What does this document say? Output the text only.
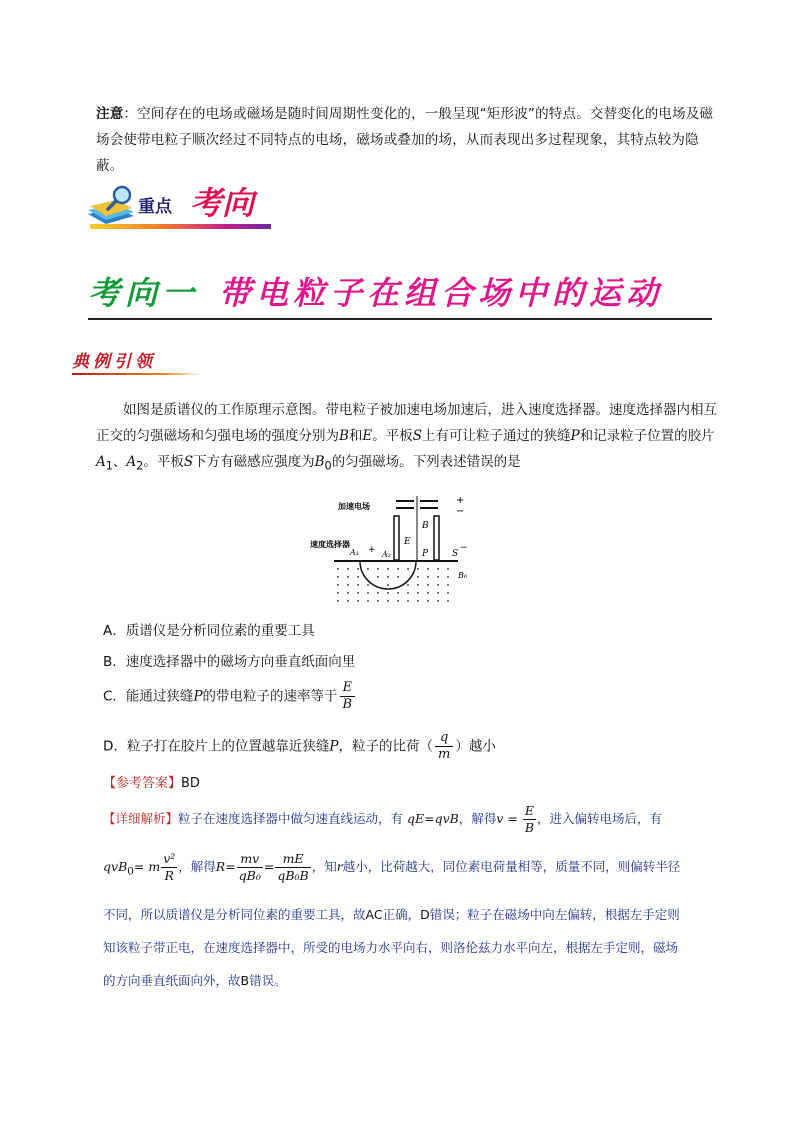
注意：空间存在的电场或磁场是随时间周期性变化的，一般呈现“矩形波”的特点。交替变化的电场及磁场会使带电粒子顺次经过不同特点的电场，磁场或叠加的场，从而表现出多过程现象，其特点较为隐蔽。
重点 考向
考向一 带电粒子在组合场中的运动
典例引领
如图是质谱仪的工作原理示意图。带电粒子被加速电场加速后，进入速度选择器。速度选择器内相互正交的匀强磁场和匀强电场的强度分别为B和E。平板S上有可让粒子通过的狭缝P和记录粒子位置的胶片$A_1$、$A_2$。平板S下方有磁感应强度为$B_0$的匀强磁场。下列表述错误的是
加速电场
+
−
速度选择器
B
E
+	P	S
−
A₁	A₂
B₀
A．质谱仪是分析同位素的重要工具
B．速度选择器中的磁场方向垂直纸面向里
C．能通过狭缝P的带电粒子的速率等于 $\frac{E}{B}$
D．粒子打在胶片上的位置越靠近狭缝P，粒子的比荷（ $\frac{q}{m}$ ）越小
【参考答案】BD
【详细解析】粒子在速度选择器中做匀速直线运动，有 qE=qvB，解得$v = \frac{E}{B}$ ，进入偏转电场后，有
qvB$_0$= m $\frac{\text{v²}}{R}$ ，解得$R= \frac{mv}{\text{qB₀}} = \frac{mE}{\text{qB₀B}}$ ，知r越小，比荷越大，同位素电荷量相等，质量不同，则偏转半径
不同，所以质谱仪是分析同位素的重要工具，故AC正确，D错误；粒子在磁场中向左偏转，根据左手定则
知该粒子带正电，在速度选择器中，所受的电场力水平向右，则洛伦兹力水平向左，根据左手定则，磁场
的方向垂直纸面向外，故B错误。
